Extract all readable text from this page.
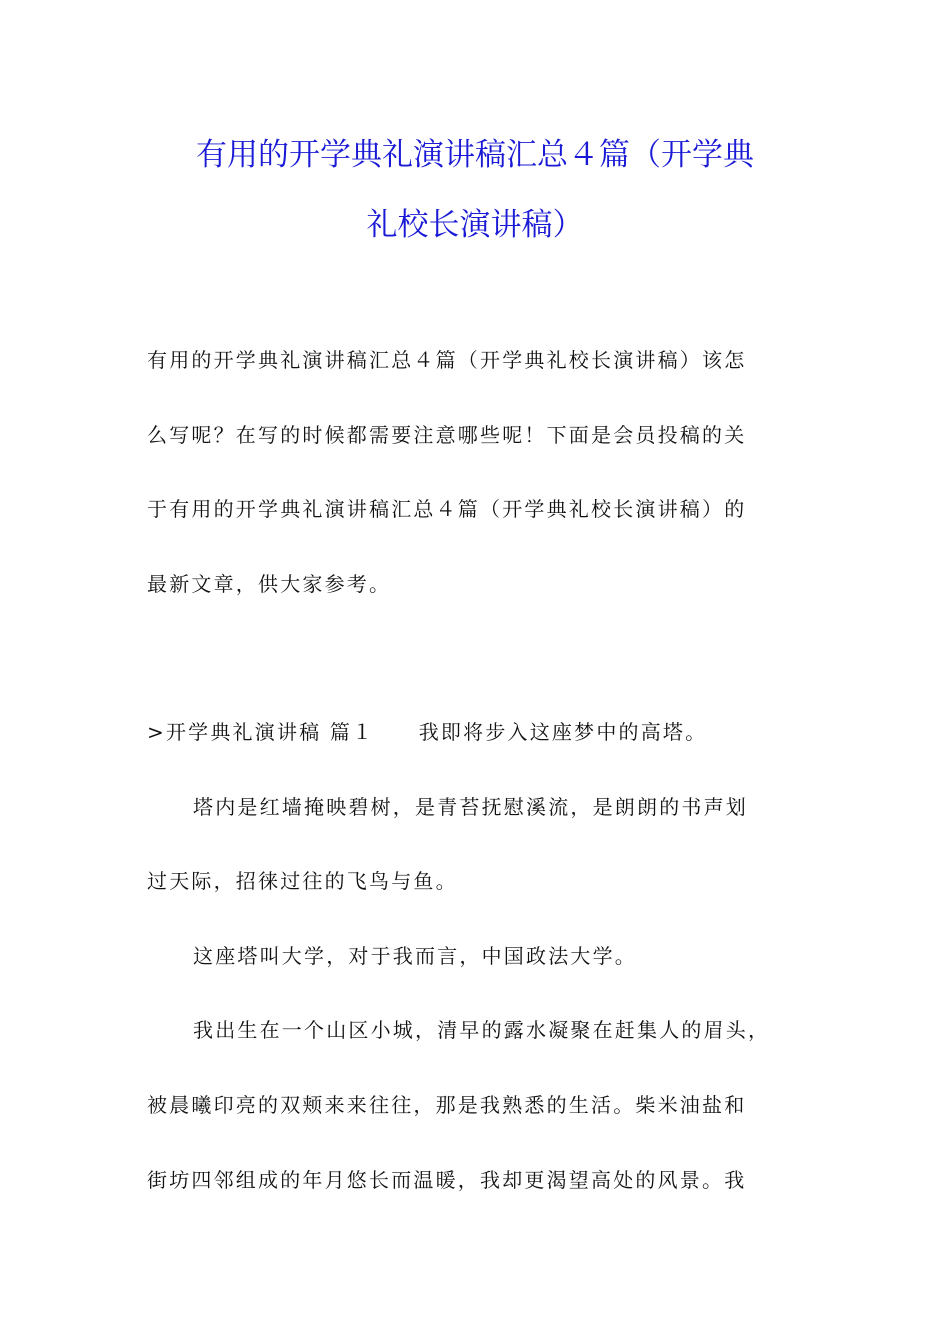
有用的开学典礼演讲稿汇总４篇（开学典
礼校长演讲稿）
有用的开学典礼演讲稿汇总４篇（开学典礼校长演讲稿）该怎
么写呢？在写的时候都需要注意哪些呢！下面是会员投稿的关
于有用的开学典礼演讲稿汇总４篇（开学典礼校长演讲稿）的
最新文章，供大家参考。
>开学典礼演讲稿 篇１　　我即将步入这座梦中的高塔。
塔内是红墙掩映碧树，是青苔抚慰溪流，是朗朗的书声划
过天际，招徕过往的飞鸟与鱼。
这座塔叫大学，对于我而言，中国政法大学。
我出生在一个山区小城，清早的露水凝聚在赶集人的眉头，
被晨曦印亮的双颊来来往往，那是我熟悉的生活。柴米油盐和
街坊四邻组成的年月悠长而温暖，我却更渴望高处的风景。我
